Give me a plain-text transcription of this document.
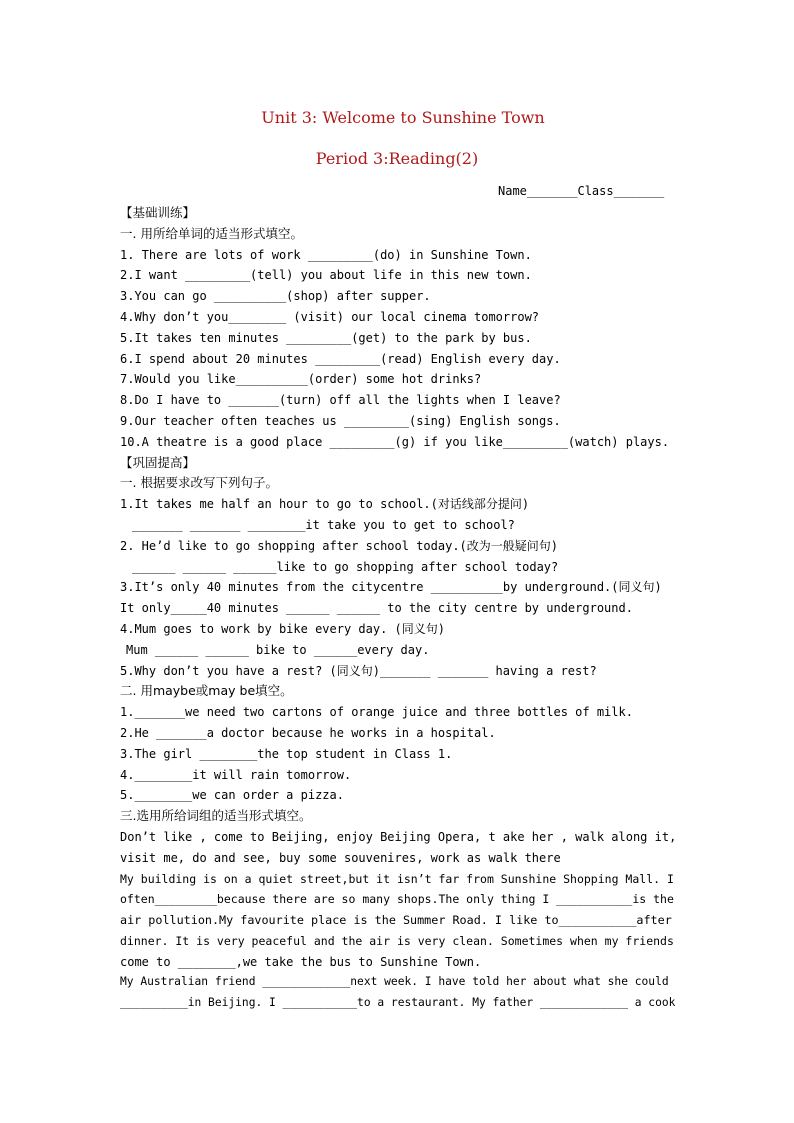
Unit 3: Welcome to Sunshine Town
Period 3:Reading(2)
Name_______Class_______
【基础训练】
一. 用所给单词的适当形式填空。
1. There are lots of work _________(do) in Sunshine Town.
2.I want _________(tell) you about life in this new town.
3.You can go __________(shop) after supper.
4.Why don’t you________ (visit) our local cinema tomorrow?
5.It takes ten minutes _________(get) to the park by bus.
6.I spend about 20 minutes _________(read) English every day.
7.Would you like__________(order) some hot drinks?
8.Do I have to _______(turn) off all the lights when I leave?
9.Our teacher often teaches us _________(sing) English songs.
10.A theatre is a good place _________(g) if you like_________(watch) plays.
【巩固提高】
一. 根据要求改写下列句子。
1.It takes me half an hour to go to school.(对话线部分提问)
_______ _______ ________it take you to get to school?
2. He’d like to go shopping after school today.(改为一般疑问句)
______ ______ ______like to go shopping after school today?
3.It’s only 40 minutes from the citycentre __________by underground.(同义句)
It only_____40 minutes ______ ______ to the city centre by underground.
4.Mum goes to work by bike every day. (同义句)
Mum ______ ______ bike to ______every day.
5.Why don’t you have a rest? (同义句)_______ _______ having a rest?
二. 用maybe或may be填空。
1._______we need two cartons of orange juice and three bottles of milk.
2.He _______a doctor because he works in a hospital.
3.The girl ________the top student in Class 1.
4.________it will rain tomorrow.
5.________we can order a pizza.
三.选用所给词组的适当形式填空。
Don’t like , come to Beijing, enjoy Beijing Opera, t ake her , walk along it,
visit me, do and see, buy some souvenires, work as walk there
My building is on a quiet street,but it isn’t far from Sunshine Shopping Mall. I
often_________because there are so many shops.The only thing I ___________is the
air pollution.My favourite place is the Summer Road. I like to___________after
dinner. It is very peaceful and the air is very clean. Sometimes when my friends
come to ________,we take the bus to Sunshine Town.
My Australian friend _____________next week. I have told her about what she could
__________in Beijing. I ___________to a restaurant. My father _____________ a cook
